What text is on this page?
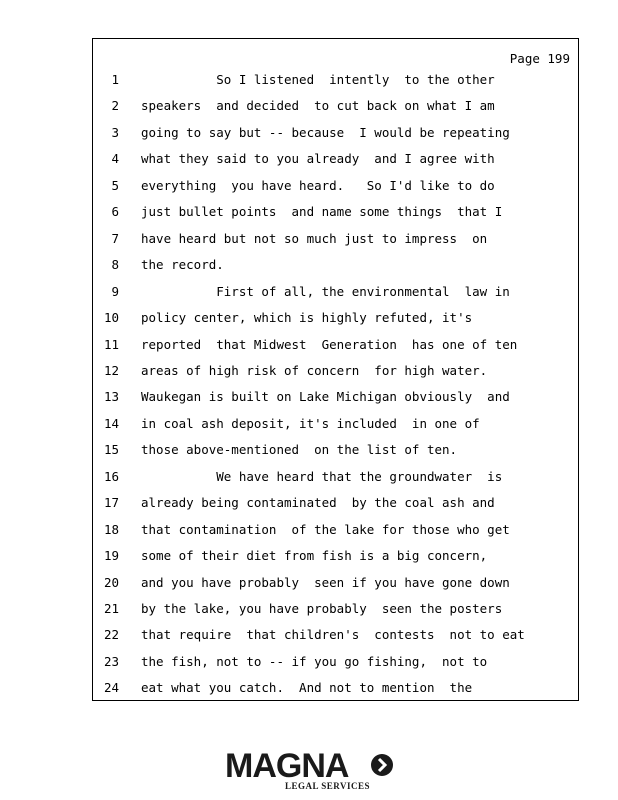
Page 199
1 So I listened  intently  to the other
2 speakers  and decided  to cut back on what I am
3 going to say but -- because  I would be repeating
4 what they said to you already  and I agree with
5 everything  you have heard.   So I'd like to do
6 just bullet points  and name some things  that I
7 have heard but not so much just to impress  on
8 the record.
9 First of all, the environmental  law in
10 policy center, which is highly refuted, it's
11 reported  that Midwest  Generation  has one of ten
12 areas of high risk of concern  for high water.
13 Waukegan is built on Lake Michigan obviously  and
14 in coal ash deposit, it's included  in one of
15 those above-mentioned  on the list of ten.
16 We have heard that the groundwater  is
17 already being contaminated  by the coal ash and
18 that contamination  of the lake for those who get
19 some of their diet from fish is a big concern,
20 and you have probably  seen if you have gone down
21 by the lake, you have probably  seen the posters
22 that require  that children's  contests  not to eat
23 the fish, not to -- if you go fishing,  not to
24 eat what you catch.  And not to mention  the
MAGNA
LEGAL SERVICES
